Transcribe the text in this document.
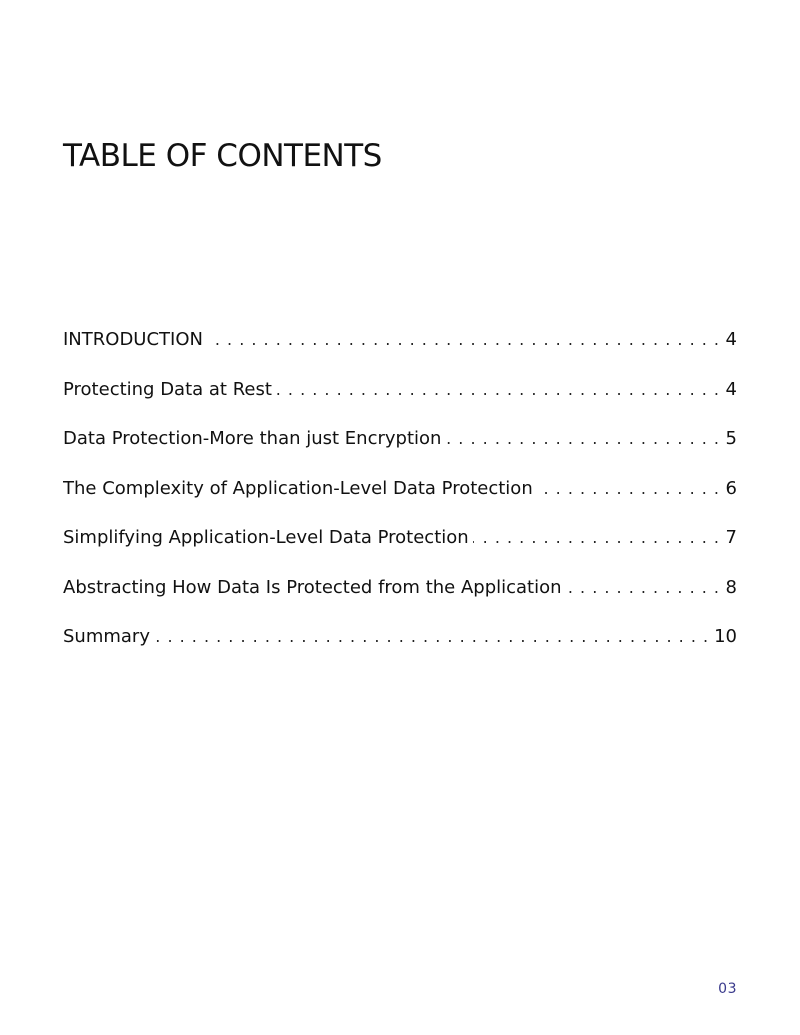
TABLE OF CONTENTS
INTRODUCTION . . .	4
Protecting Data at Rest . . .	4
Data Protection-More than just Encryption . . .	5
The Complexity of Application-Level Data Protection . . .	6
Simplifying Application-Level Data Protection . . .	7
Abstracting How Data Is Protected from the Application . . .	8
Summary . . .	10
03
